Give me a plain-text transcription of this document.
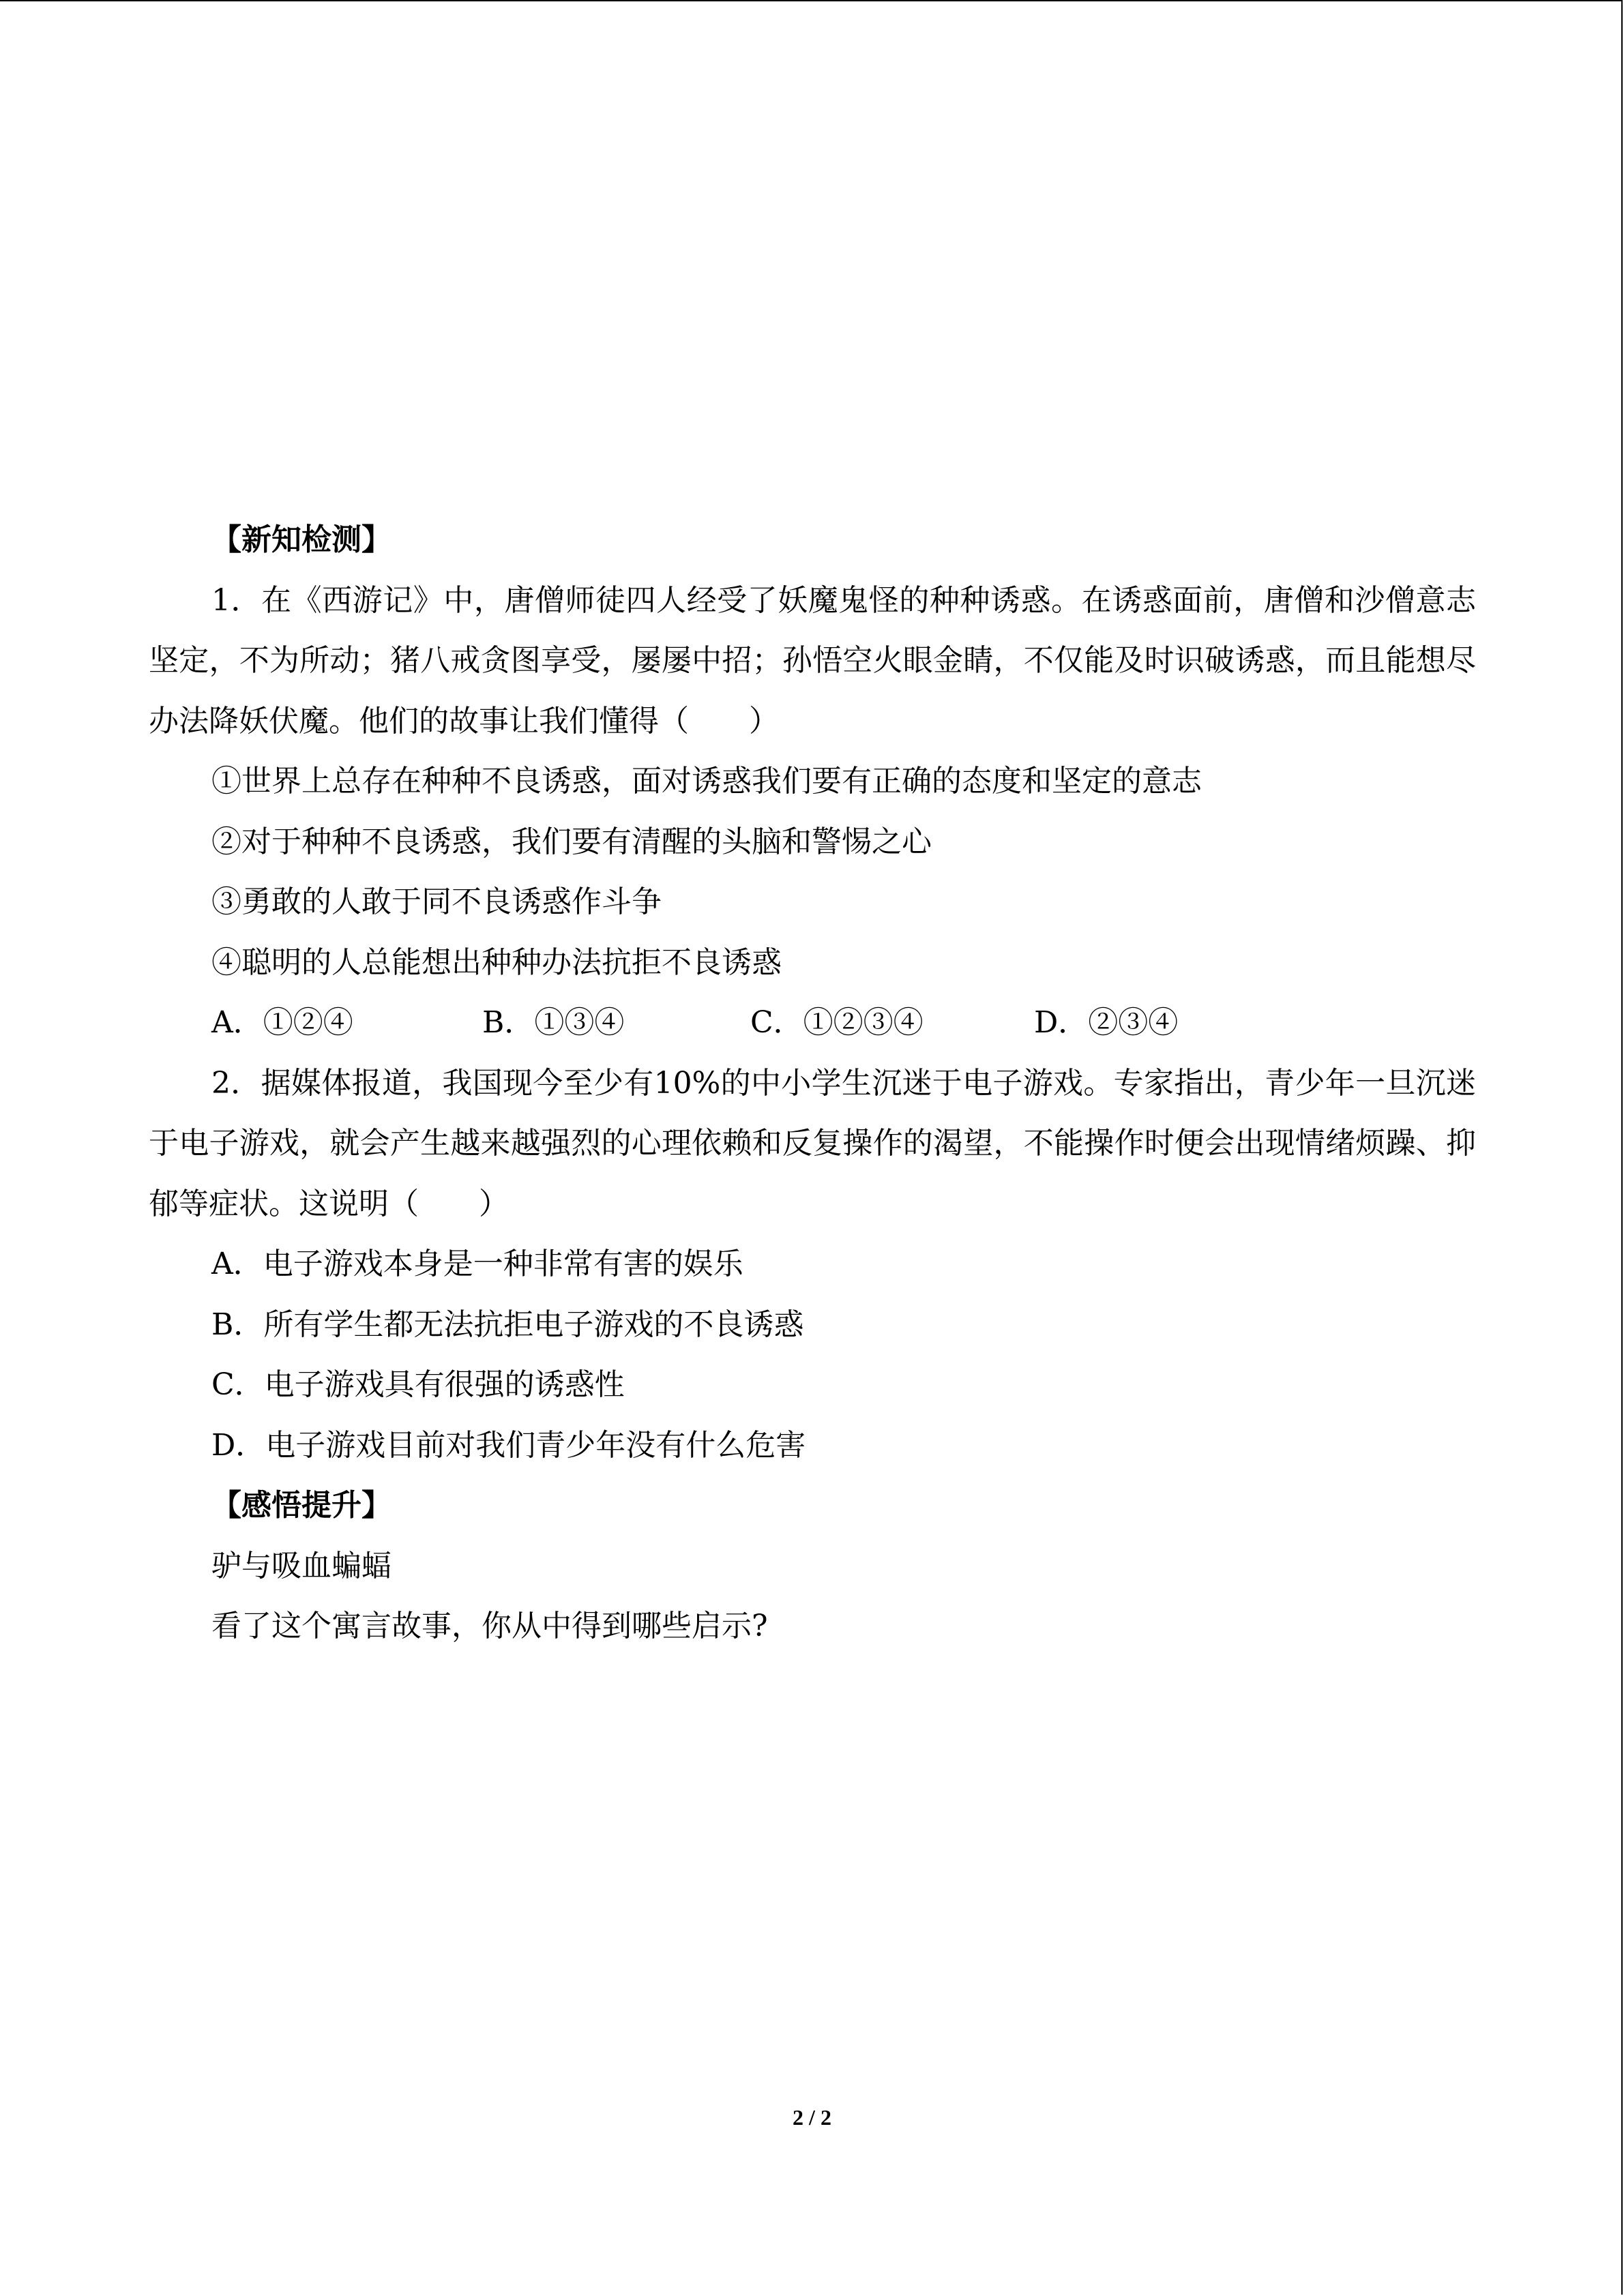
【新知检测】
1．在《西游记》中，唐僧师徒四人经受了妖魔鬼怪的种种诱惑。在诱惑面前，唐僧和沙僧意志坚定，不为所动；猪八戒贪图享受，屡屡中招；孙悟空火眼金睛，不仅能及时识破诱惑，而且能想尽办法降妖伏魔。他们的故事让我们懂得（　　）
①世界上总存在种种不良诱惑，面对诱惑我们要有正确的态度和坚定的意志
②对于种种不良诱惑，我们要有清醒的头脑和警惕之心
③勇敢的人敢于同不良诱惑作斗争
④聪明的人总能想出种种办法抗拒不良诱惑
A．①②④	B．①③④	C．①②③④	D．②③④
2．据媒体报道，我国现今至少有10%的中小学生沉迷于电子游戏。专家指出，青少年一旦沉迷于电子游戏，就会产生越来越强烈的心理依赖和反复操作的渴望，不能操作时便会出现情绪烦躁、抑郁等症状。这说明（　　）
A．电子游戏本身是一种非常有害的娱乐
B．所有学生都无法抗拒电子游戏的不良诱惑
C．电子游戏具有很强的诱惑性
D．电子游戏目前对我们青少年没有什么危害
【感悟提升】
驴与吸血蝙蝠
看了这个寓言故事，你从中得到哪些启示?
2 / 2
